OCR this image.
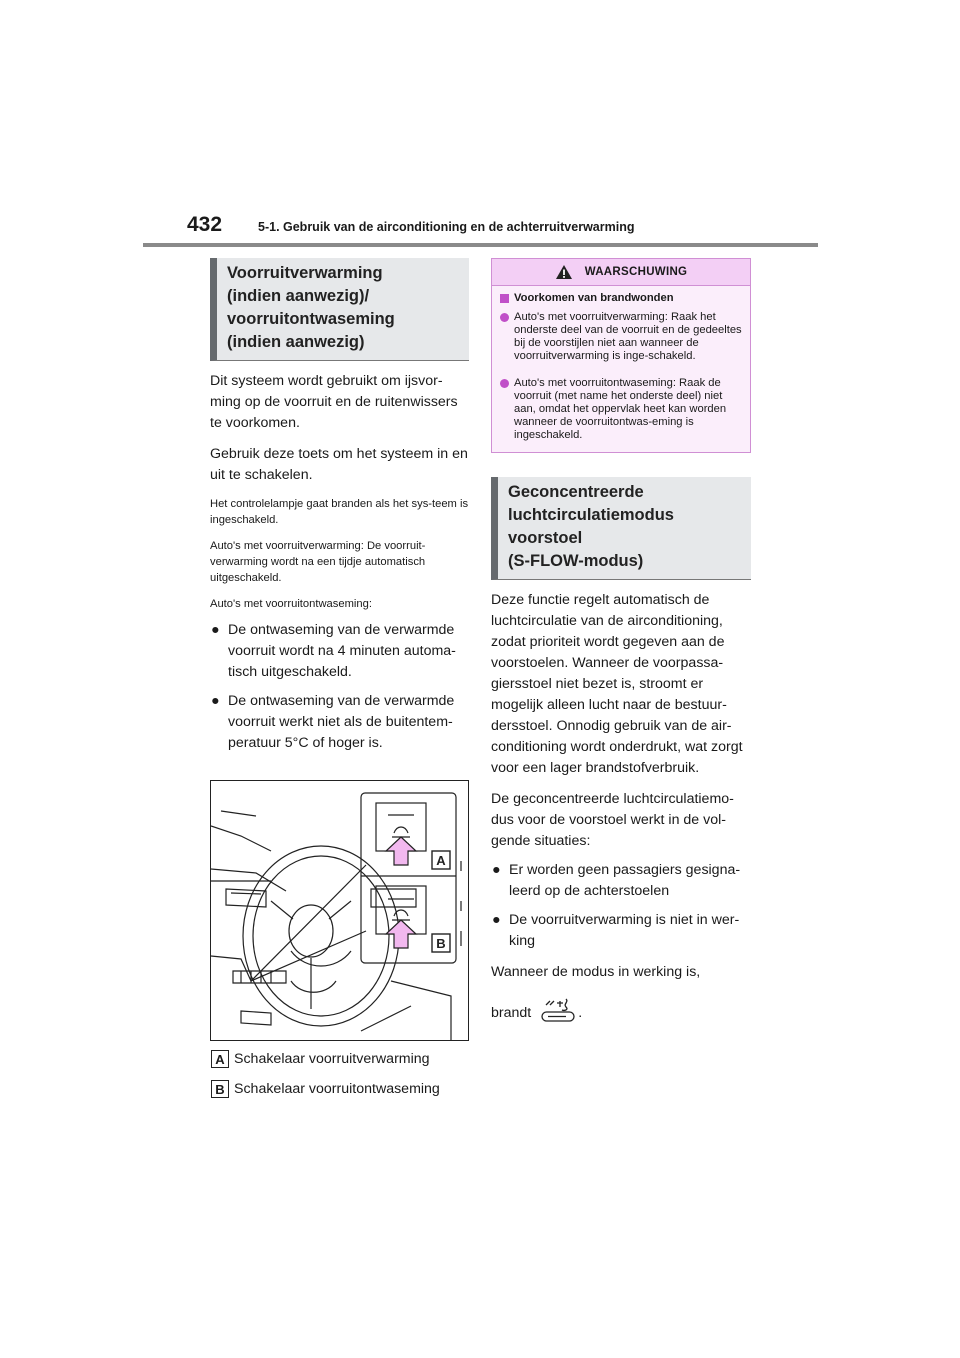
432	5-1. Gebruik van de airconditioning en de achterruitverwarming
Voorruitverwarming
(indien aanwezig)/
voorruitontwaseming
(indien aanwezig)

Dit systeem wordt gebruikt om ijsvor-ming op de voorruit en de ruitenwissers te voorkomen.

Gebruik deze toets om het systeem in en uit te schakelen.

Het controlelampje gaat branden als het sys-teem is ingeschakeld.

Auto's met voorruitverwarming: De voorruit-verwarming wordt na een tijdje automatisch uitgeschakeld.

Auto's met voorruitontwaseming:

● De ontwaseming van de verwarmde voorruit wordt na 4 minuten automa-tisch uitgeschakeld.
● De ontwaseming van de verwarmde voorruit werkt niet als de buitentem-peratuur 5°C of hoger is.
A
B
A Schakelaar voorruitverwarming
B Schakelaar voorruitontwaseming
WAARSCHUWING
Voorkomen van brandwonden
Auto's met voorruitverwarming: Raak het onderste deel van de voorruit en de gedeeltes bij de voorstijlen niet aan wanneer de voorruitverwarming is inge-schakeld.
Auto's met voorruitontwaseming: Raak de voorruit (met name het onderste deel) niet aan, omdat het oppervlak heet kan worden wanneer de voorruitontwas-eming is ingeschakeld.
Geconcentreerde
luchtcirculatiemodus voorstoel
(S-FLOW-modus)

Deze functie regelt automatisch de luchtcirculatie van de airconditioning, zodat prioriteit wordt gegeven aan de voorstoelen. Wanneer de voorpassa-giersstoel niet bezet is, stroomt er mogelijk alleen lucht naar de bestuur-dersstoel. Onnodig gebruik van de air-conditioning wordt onderdrukt, wat zorgt voor een lager brandstofverbruik.

De geconcentreerde luchtcirculatiemo-dus voor de voorstoel werkt in de vol-gende situaties:

● Er worden geen passagiers gesigna-leerd op de achterstoelen
● De voorruitverwarming is niet in wer-king

Wanneer de modus in werking is,

brandt	.
